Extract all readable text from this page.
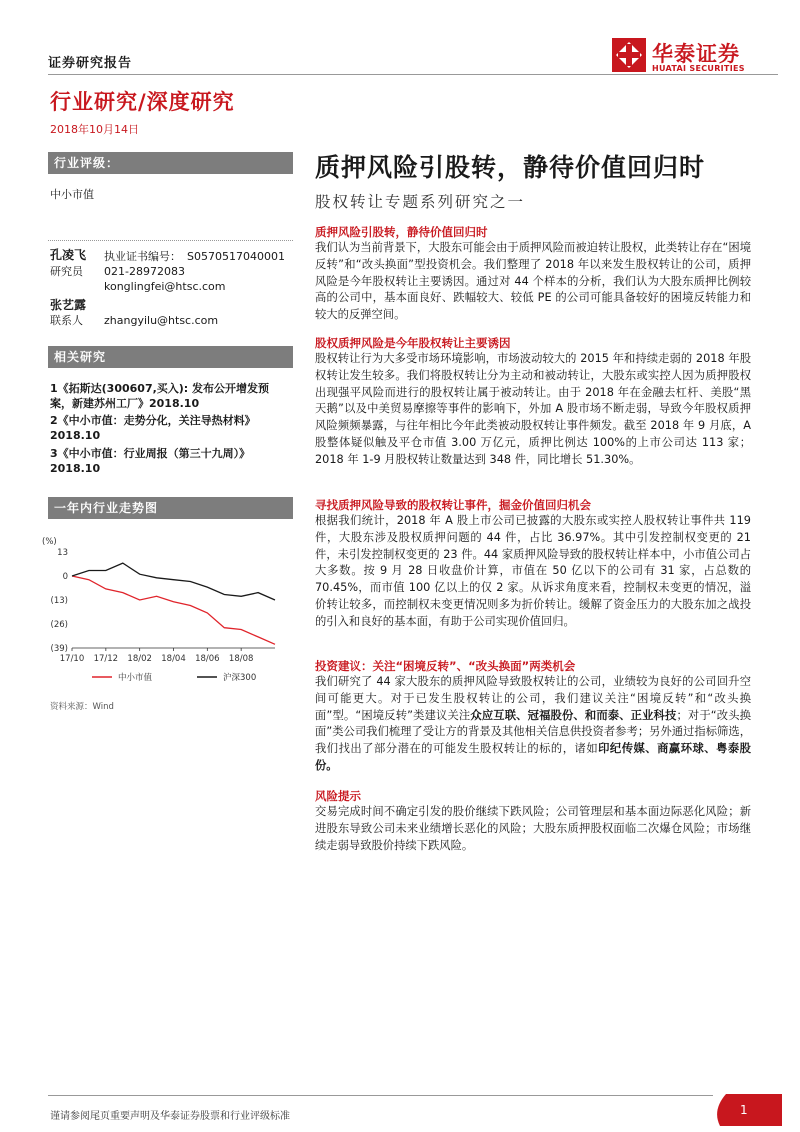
证券研究报告
行业研究/深度研究
2018年10月14日
华泰证券
HUATAI SECURITIES
行业评级：
中小市值
孔凌飞 执业证书编号： S0570517040001
研究员 021-28972083
konglingfei@htsc.com
张艺露
联系人 zhangyilu@htsc.com
相关研究
1《拓斯达(300607,买入): 发布公开增发预
案，新建苏州工厂》2018.10
2《中小市值：走势分化，关注导热材料》
2018.10
3《中小市值：行业周报（第三十九周）》
2018.10
一年内行业走势图
(%)
13
0
(13)
(26)
(39)
17/10 17/12 18/02 18/04 18/06 18/08
中小市值	沪深300
资料来源：Wind
质押风险引股转，静待价值回归时
股权转让专题系列研究之一
质押风险引股转，静待价值回归时
我们认为当前背景下，大股东可能会由于质押风险而被迫转让股权，此类转让存在“困境反转”和“改头换面”型投资机会。我们整理了 2018 年以来发生股权转让的公司，质押风险是今年股权转让主要诱因。通过对 44 个样本的分析，我们认为大股东质押比例较高的公司中，基本面良好、跌幅较大、较低 PE 的公司可能具备较好的困境反转能力和较大的反弹空间。
股权质押风险是今年股权转让主要诱因
股权转让行为大多受市场环境影响，市场波动较大的 2015 年和持续走弱的 2018 年股权转让发生较多。我们将股权转让分为主动和被动转让，大股东或实控人因为质押股权出现强平风险而进行的股权转让属于被动转让。由于 2018 年在金融去杠杆、美股“黑天鹅”以及中美贸易摩擦等事件的影响下，外加 A 股市场不断走弱，导致今年股权质押风险频频暴露，与往年相比今年此类被动股权转让事件频发。截至 2018 年 9 月底，A 股整体疑似触及平仓市值 3.00 万亿元，质押比例达 100%的上市公司达 113 家；2018 年 1-9 月股权转让数量达到 348 件，同比增长 51.30%。
寻找质押风险导致的股权转让事件，掘金价值回归机会
根据我们统计，2018 年 A 股上市公司已披露的大股东或实控人股权转让事件共 119 件，大股东涉及股权质押问题的 44 件，占比 36.97%。其中引发控制权变更的 21 件，未引发控制权变更的 23 件。44 家质押风险导致的股权转让样本中，小市值公司占大多数。按 9 月 28 日收盘价计算，市值在 50 亿以下的公司有 31 家，占总数的 70.45%，而市值 100 亿以上的仅 2 家。从诉求角度来看，控制权未变更的情况，溢价转让较多，而控制权未变更情况则多为折价转让。缓解了资金压力的大股东加之战投的引入和良好的基本面，有助于公司实现价值回归。
投资建议：关注“困境反转”、“改头换面”两类机会
我们研究了 44 家大股东的质押风险导致股权转让的公司，业绩较为良好的公司回升空间可能更大。对于已发生股权转让的公司，我们建议关注“困境反转”和“改头换面”型。“困境反转”类建议关注众应互联、冠福股份、和而泰、正业科技；对于“改头换面”类公司我们梳理了受让方的背景及其他相关信息供投资者参考；另外通过指标筛选，我们找出了部分潜在的可能发生股权转让的标的，诸如印纪传媒、商赢环球、粤泰股份。
风险提示
交易完成时间不确定引发的股价继续下跌风险；公司管理层和基本面边际恶化风险；新进股东导致公司未来业绩增长恶化的风险；大股东质押股权面临二次爆仓风险；市场继续走弱导致股价持续下跌风险。
谨请参阅尾页重要声明及华泰证券股票和行业评级标准	1
